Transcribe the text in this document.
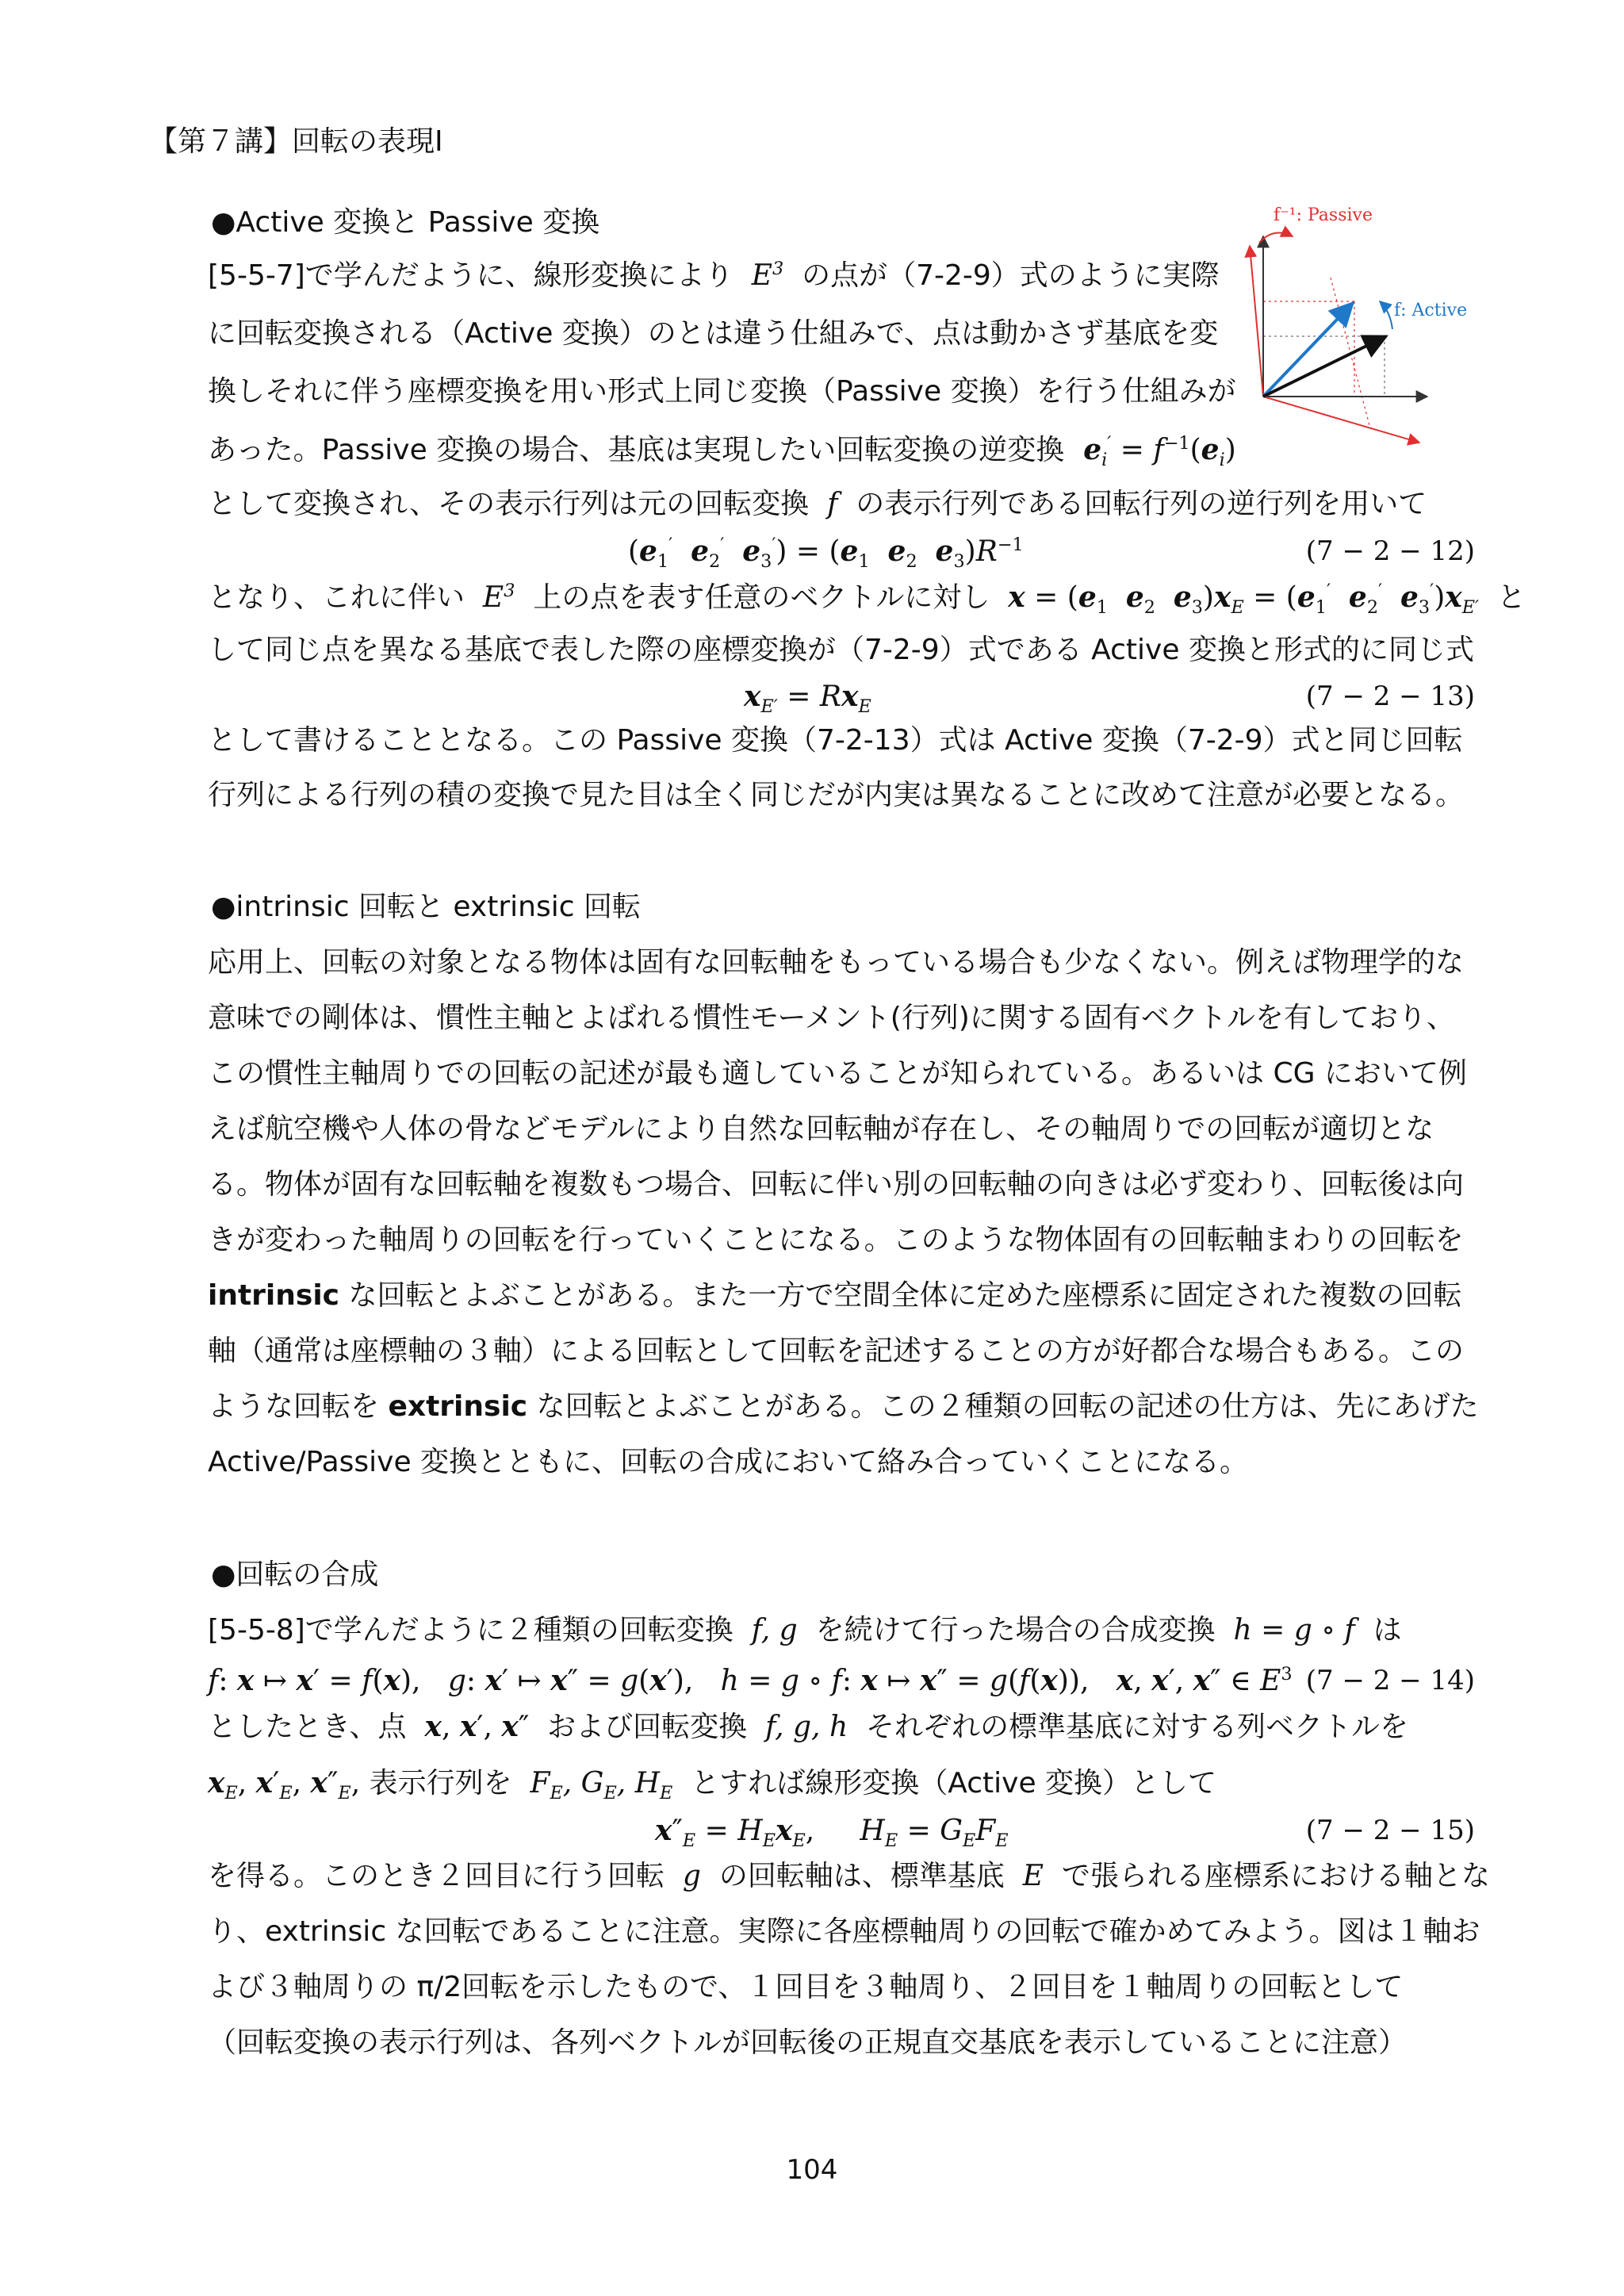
【第７講】回転の表現Ⅰ
f⁻¹: Passive
f: Active
●Active 変換と Passive 変換
[5-5-7]で学んだように、線形変換により  $E^3$ の点が（7-2-9）式のように実際
に回転変換される（Active 変換）のとは違う仕組みで、点は動かさず基底を変
換しそれに伴う座標変換を用い形式上同じ変換（Passive 変換）を行う仕組みが
あった。Passive 変換の場合、基底は実現したい回転変換の逆変換  $e_i' = f^{-1}(e_i)$
として変換され、その表示行列は元の回転変換  f  の表示行列である回転行列の逆行列を用いて
($e_1'$ $e_2'$ $e_3') = (e_1$ $e_2$ $e_3)R^{-1}$	(7 − 2 − 12)
となり、これに伴い  $E^3$ 上の点を表す任意のベクトルに対し $x = (e_1$ $e_2$ $e_3)x_E = (e_1'$ $e_2'$ $e_3')x_{E'}$ と
して同じ点を異なる基底で表した際の座標変換が（7-2-9）式である Active 変換と形式的に同じ式
$x_{E'} = Rx_E$	(7 − 2 − 13)
として書けることとなる。この Passive 変換（7-2-13）式は Active 変換（7-2-9）式と同じ回転
行列による行列の積の変換で見た目は全く同じだが内実は異なることに改めて注意が必要となる。
●intrinsic 回転と extrinsic 回転
応用上、回転の対象となる物体は固有な回転軸をもっている場合も少なくない。例えば物理学的な
意味での剛体は、慣性主軸とよばれる慣性モーメント(行列)に関する固有ベクトルを有しており、
この慣性主軸周りでの回転の記述が最も適していることが知られている。あるいは CG において例
えば航空機や人体の骨などモデルにより自然な回転軸が存在し、その軸周りでの回転が適切とな
る。物体が固有な回転軸を複数もつ場合、回転に伴い別の回転軸の向きは必ず変わり、回転後は向
きが変わった軸周りの回転を行っていくことになる。このような物体固有の回転軸まわりの回転を
intrinsic な回転とよぶことがある。また一方で空間全体に定めた座標系に固定された複数の回転
軸（通常は座標軸の３軸）による回転として回転を記述することの方が好都合な場合もある。この
ような回転を extrinsic な回転とよぶことがある。この２種類の回転の記述の仕方は、先にあげた
Active/Passive 変換とともに、回転の合成において絡み合っていくことになる。
●回転の合成
[5-5-8]で学んだように２種類の回転変換  f, g  を続けて行った場合の合成変換 h = g ∘ f は
f: x ↦ x′ = f(x),   g: x′ ↦ x″ = g(x′),   h = g ∘ f: x ↦ x″ = g(f(x)),   x, x′, x″ ∈ $E^3$ (7 − 2 − 14)
としたとき、点 x, x′, x″  および回転変換  f, g, h  それぞれの標準基底に対する列ベクトルを
$x_E$, $x'_E$, $x''_E$, 表示行列を  $F_E$, $G_E$, $H_E$ とすれば線形変換（Active 変換）として
$x''_E = H_Ex_E$,     $H_E = G_EF_E$	(7 − 2 − 15)
を得る。このとき２回目に行う回転  g  の回転軸は、標準基底  E  で張られる座標系における軸とな
り、extrinsic な回転であることに注意。実際に各座標軸周りの回転で確かめてみよう。図は１軸お
よび３軸周りの π/2回転を示したもので、１回目を３軸周り、２回目を１軸周りの回転として
（回転変換の表示行列は、各列ベクトルが回転後の正規直交基底を表示していることに注意）
104
